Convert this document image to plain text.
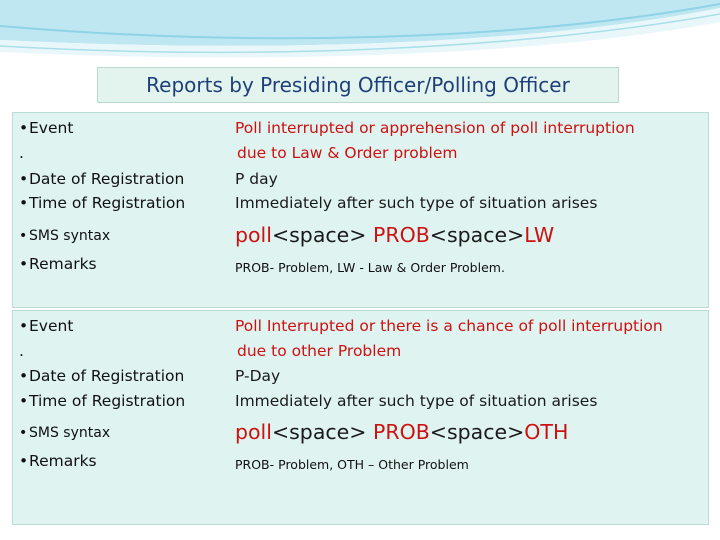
Reports by Presiding Officer/Polling Officer
•Event
.
•Date of Registration
•Time of Registration
• SMS syntax
•Remarks
Poll interrupted or apprehension of poll interruption
due to Law & Order problem
P day
Immediately after such type of situation arises
poll<space> PROB<space>LW
PROB- Problem, LW - Law & Order Problem.
•Event
.
•Date of Registration
•Time of Registration
• SMS syntax
•Remarks
Poll Interrupted or there is a chance of poll interruption
due to other Problem
P-Day
Immediately after such type of situation arises
poll<space> PROB<space>OTH
PROB- Problem, OTH – Other Problem
